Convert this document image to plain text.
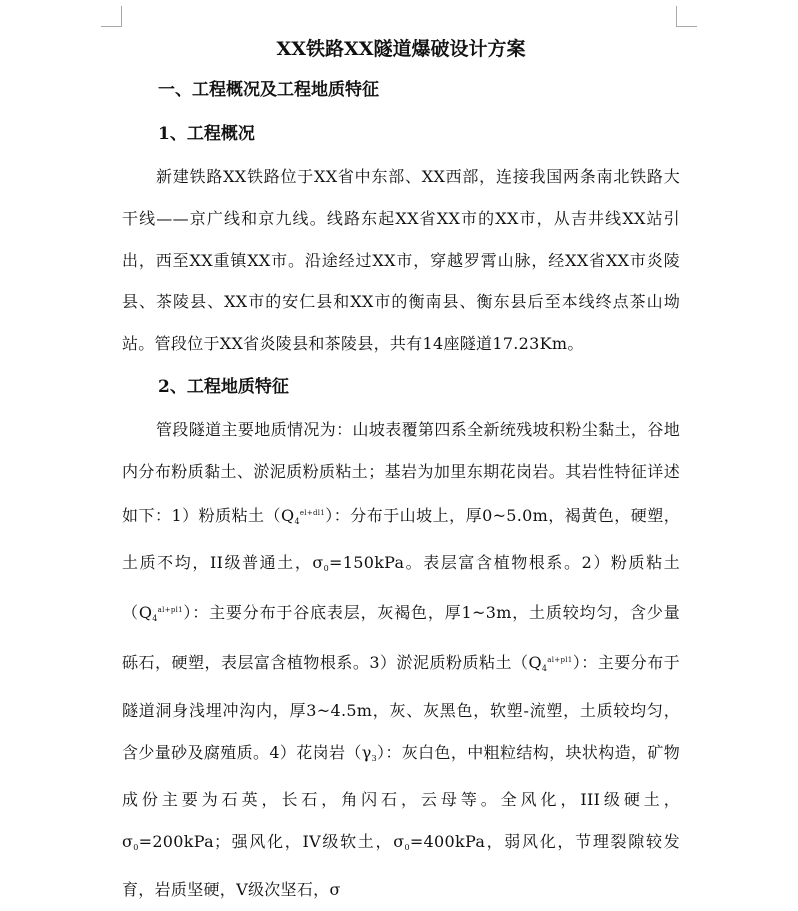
XX铁路XX隧道爆破设计方案

一、工程概况及工程地质特征

1、工程概况

新建铁路XX铁路位于XX省中东部、XX西部，连接我国两条南北铁路大干线——京广线和京九线。线路东起XX省XX市的XX市，从吉井线XX站引出，西至XX重镇XX市。沿途经过XX市，穿越罗霄山脉，经XX省XX市炎陵县、茶陵县、XX市的安仁县和XX市的衡南县、衡东县后至本线终点茶山坳站。管段位于XX省炎陵县和茶陵县，共有14座隧道17.23Km。

2、工程地质特征

管段隧道主要地质情况为：山坡表覆第四系全新统残坡积粉尘黏土，谷地内分布粉质黏土、淤泥质粉质粘土；基岩为加里东期花岗岩。其岩性特征详述如下：1）粉质粘土$(Q_4^{el+dl1})$：分布于山坡上，厚0~5.0m，褐黄色，硬塑，土质不均，II级普通土，$\sigma_0=150kPa$。表层富含植物根系。2）粉质粘土$(Q_4^{al+pl1})$：主要分布于谷底表层，灰褐色，厚1~3m，土质较均匀，含少量砾石，硬塑，表层富含植物根系。3）淤泥质粉质粘土$(Q_4^{al+pl1})$：主要分布于隧道洞身浅埋冲沟内，厚3~4.5m，灰、灰黑色，软塑-流塑，土质较均匀，含少量砂及腐殖质。4）花岗岩$(\gamma_3)$：灰白色，中粗粒结构，块状构造，矿物成份主要为石英，长石，角闪石，云母等。全风化，III级硬土，$\sigma_0=200kPa$；强风化，IV级软土，$\sigma_0=400kPa$，弱风化，节理裂隙较发育，岩质坚硬，V级次坚石，σ
